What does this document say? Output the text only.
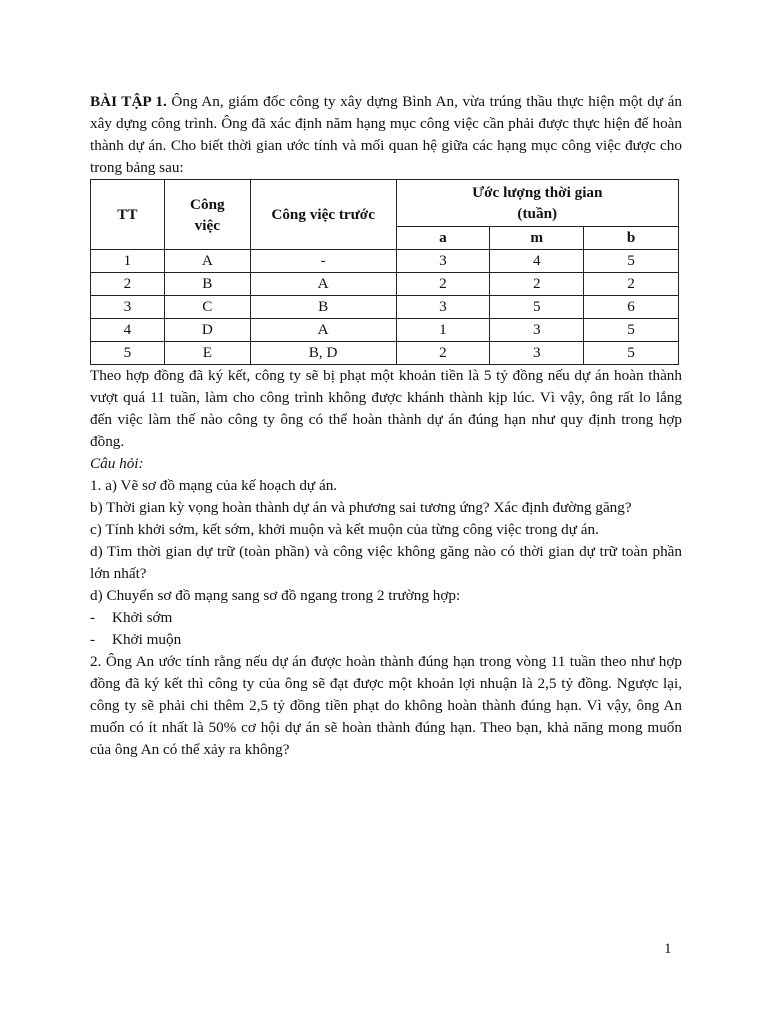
BÀI TẬP 1. Ông An, giám đốc công ty xây dựng Bình An, vừa trúng thầu thực hiện một dự án xây dựng công trình. Ông đã xác định năm hạng mục công việc cần phải được thực hiện để hoàn thành dự án. Cho biết thời gian ước tính và mối quan hệ giữa các hạng mục công việc được cho trong bảng sau:

TT	Công việc	Công việc trước	Ước lượng thời gian
(tuần)		
			a	m	b
1	A	-	3	4	5
2	B	A	2	2	2
3	C	B	3	5	6
4	D	A	1	3	5
5	E	B, D	2	3	5

Theo hợp đồng đã ký kết, công ty sẽ bị phạt một khoản tiền là 5 tỷ đồng nếu dự án hoàn thành vượt quá 11 tuần, làm cho công trình không được khánh thành kịp lúc. Vì vậy, ông rất lo lắng đến việc làm thế nào công ty ông có thể hoàn thành dự án đúng hạn như quy định trong hợp đồng.

Câu hỏi:

1. a) Vẽ sơ đồ mạng của kế hoạch dự án.

b) Thời gian kỳ vọng hoàn thành dự án và phương sai tương ứng? Xác định đường găng?

c) Tính khởi sớm, kết sớm, khởi muộn và kết muộn của từng công việc trong dự án.

d) Tìm thời gian dự trữ (toàn phần) và công việc không găng nào có thời gian dự trữ toàn phần lớn nhất?

d) Chuyển sơ đồ mạng sang sơ đồ ngang trong 2 trường hợp:

-	Khởi sớm
-	Khởi muộn

2. Ông An ước tính rằng nếu dự án được hoàn thành đúng hạn trong vòng 11 tuần theo như hợp đồng đã ký kết thì công ty của ông sẽ đạt được một khoản lợi nhuận là 2,5 tỷ đồng. Ngược lại, công ty sẽ phải chi thêm 2,5 tỷ đồng tiền phạt do không hoàn thành đúng hạn. Vì vậy, ông An muốn có ít nhất là 50% cơ hội dự án sẽ hoàn thành đúng hạn. Theo bạn, khả năng mong muốn của ông An có thể xảy ra không?

1
